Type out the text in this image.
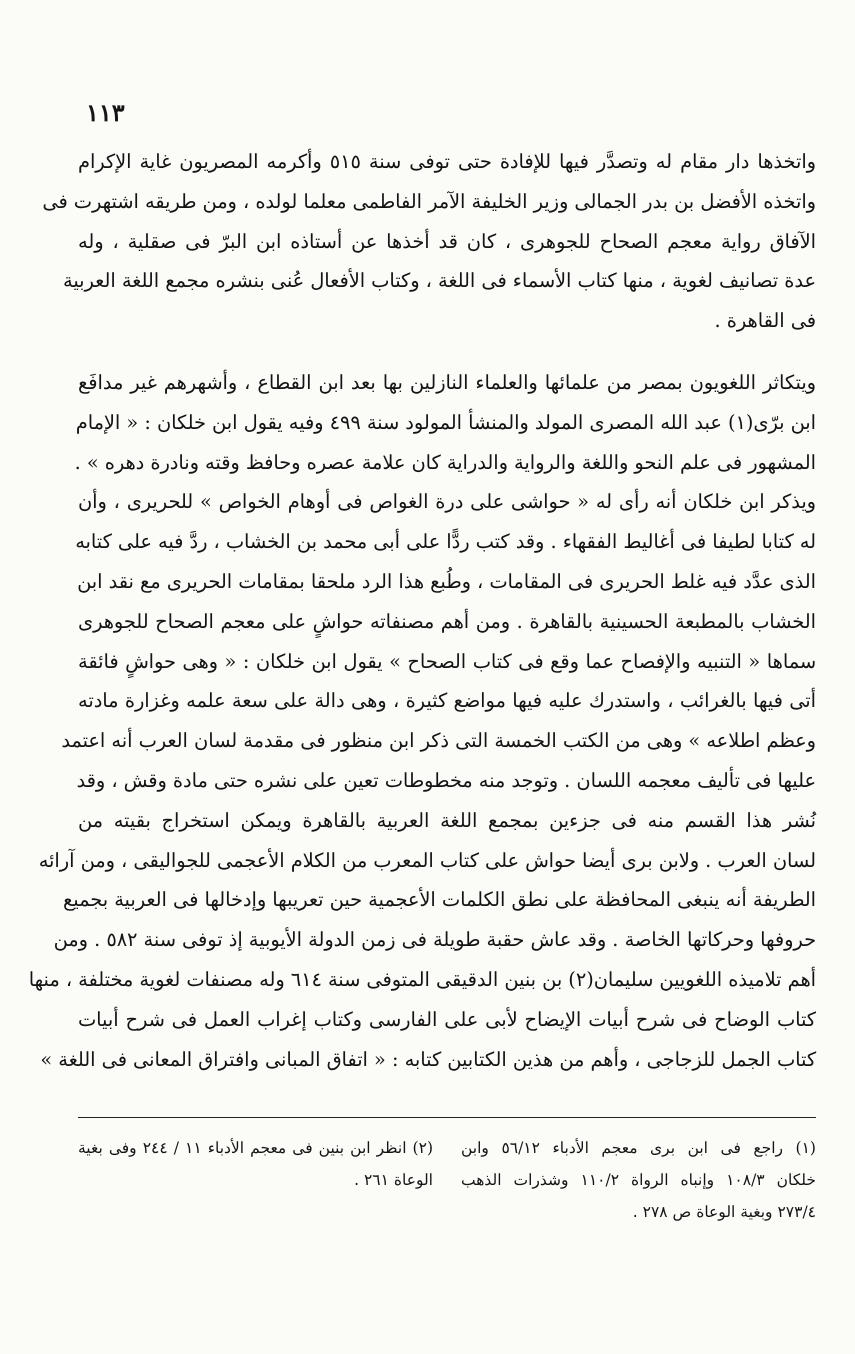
١١٣
واتخذها دار مقام له وتصدَّر فيها للإفادة حتى توفى سنة ٥١٥ وأكرمه المصريون غاية الإكرام
واتخذه الأفضل بن بدر الجمالى وزير الخليفة الآمر الفاطمى معلما لولده ، ومن طريقه اشتهرت فى
الآفاق رواية معجم الصحاح للجوهرى ، كان قد أخذها عن أستاذه ابن البرّ فى صقلية ، وله
عدة تصانيف لغوية ، منها كتاب الأسماء فى اللغة ، وكتاب الأفعال عُنى بنشره مجمع اللغة العربية
فى القاهرة .
ويتكاثر اللغويون بمصر من علمائها والعلماء النازلين بها بعد ابن القطاع ، وأشهرهم غير مدافَع
ابن برّى(١) عبد الله المصرى المولد والمنشأ المولود سنة ٤٩٩ وفيه يقول ابن خلكان : « الإمام
المشهور فى علم النحو واللغة والرواية والدراية كان علامة عصره وحافظ وقته ونادرة دهره » .
ويذكر ابن خلكان أنه رأى له « حواشى على درة الغواص فى أوهام الخواص » للحريرى ، وأن
له كتابا لطيفا فى أغاليط الفقهاء . وقد كتب ردًّا على أبى محمد بن الخشاب ، ردَّ فيه على كتابه
الذى عدَّد فيه غلط الحريرى فى المقامات ، وطُبع هذا الرد ملحقا بمقامات الحريرى مع نقد ابن
الخشاب بالمطبعة الحسينية بالقاهرة . ومن أهم مصنفاته حواشٍ على معجم الصحاح للجوهرى
سماها « التنبيه والإفصاح عما وقع فى كتاب الصحاح » يقول ابن خلكان : « وهى حواشٍ فائقة
أتى فيها بالغرائب ، واستدرك عليه فيها مواضع كثيرة ، وهى دالة على سعة علمه وغزارة مادته
وعظم اطلاعه » وهى من الكتب الخمسة التى ذكر ابن منظور فى مقدمة لسان العرب أنه اعتمد
عليها فى تأليف معجمه اللسان . وتوجد منه مخطوطات تعين على نشره حتى مادة وقش ، وقد
نُشر هذا القسم منه فى جزءين بمجمع اللغة العربية بالقاهرة ويمكن استخراج بقيته من
لسان العرب . ولابن برى أيضا حواش على كتاب المعرب من الكلام الأعجمى للجواليقى ، ومن آرائه
الطريفة أنه ينبغى المحافظة على نطق الكلمات الأعجمية حين تعريبها وإدخالها فى العربية بجميع
حروفها وحركاتها الخاصة . وقد عاش حقبة طويلة فى زمن الدولة الأيوبية إذ توفى سنة ٥٨٢ . ومن
أهم تلاميذه اللغويين سليمان(٢) بن بنين الدقيقى المتوفى سنة ٦١٤ وله مصنفات لغوية مختلفة ، منها
كتاب الوضاح فى شرح أبيات الإيضاح لأبى على الفارسى وكتاب إغراب العمل فى شرح أبيات
كتاب الجمل للزجاجى ، وأهم من هذين الكتابين كتابه : « اتفاق المبانى وافتراق المعانى فى اللغة »
(١) راجع فى ابن برى معجم الأدباء ٥٦/١٢ وابن
خلكان ١٠٨/٣ وإنباه الرواة ١١٠/٢ وشذرات الذهب
٢٧٣/٤ وبغية الوعاة ص ٢٧٨ .
(٢) انظر ابن بنين فى معجم الأدباء ١١ / ٢٤٤ وفى بغية
الوعاة ٢٦١ .
